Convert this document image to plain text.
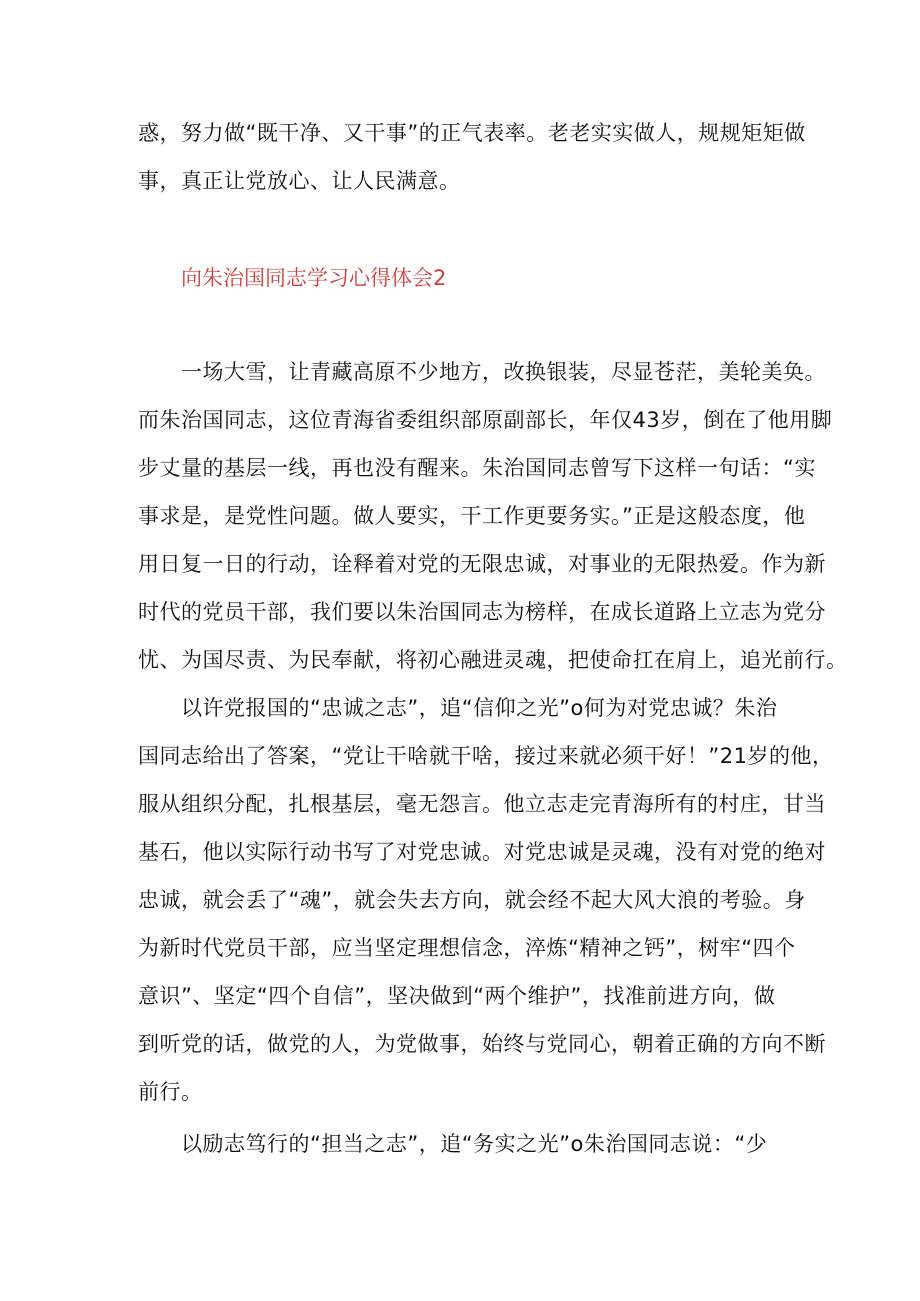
惑，努力做“既干净、又干事”的正气表率。老老实实做人，规规矩矩做
事，真正让党放心、让人民满意。
向朱治国同志学习心得体会2
一场大雪，让青藏高原不少地方，改换银装，尽显苍茫，美轮美奂。
而朱治国同志，这位青海省委组织部原副部长，年仅43岁，倒在了他用脚
步丈量的基层一线，再也没有醒来。朱治国同志曾写下这样一句话：“实
事求是，是党性问题。做人要实，干工作更要务实。”正是这般态度，他
用日复一日的行动，诠释着对党的无限忠诚，对事业的无限热爱。作为新
时代的党员干部，我们要以朱治国同志为榜样，在成长道路上立志为党分
忧、为国尽责、为民奉献，将初心融进灵魂，把使命扛在肩上，追光前行。
以许党报国的“忠诚之志”，追“信仰之光”o何为对党忠诚？朱治
国同志给出了答案，“党让干啥就干啥，接过来就必须干好！”21岁的他，
服从组织分配，扎根基层，毫无怨言。他立志走完青海所有的村庄，甘当
基石，他以实际行动书写了对党忠诚。对党忠诚是灵魂，没有对党的绝对
忠诚，就会丢了“魂”，就会失去方向，就会经不起大风大浪的考验。身
为新时代党员干部，应当坚定理想信念，淬炼“精神之钙”，树牢“四个
意识”、坚定“四个自信”，坚决做到“两个维护”，找准前进方向，做
到听党的话，做党的人，为党做事，始终与党同心，朝着正确的方向不断
前行。
以励志笃行的“担当之志”，追“务实之光”o朱治国同志说：“少
